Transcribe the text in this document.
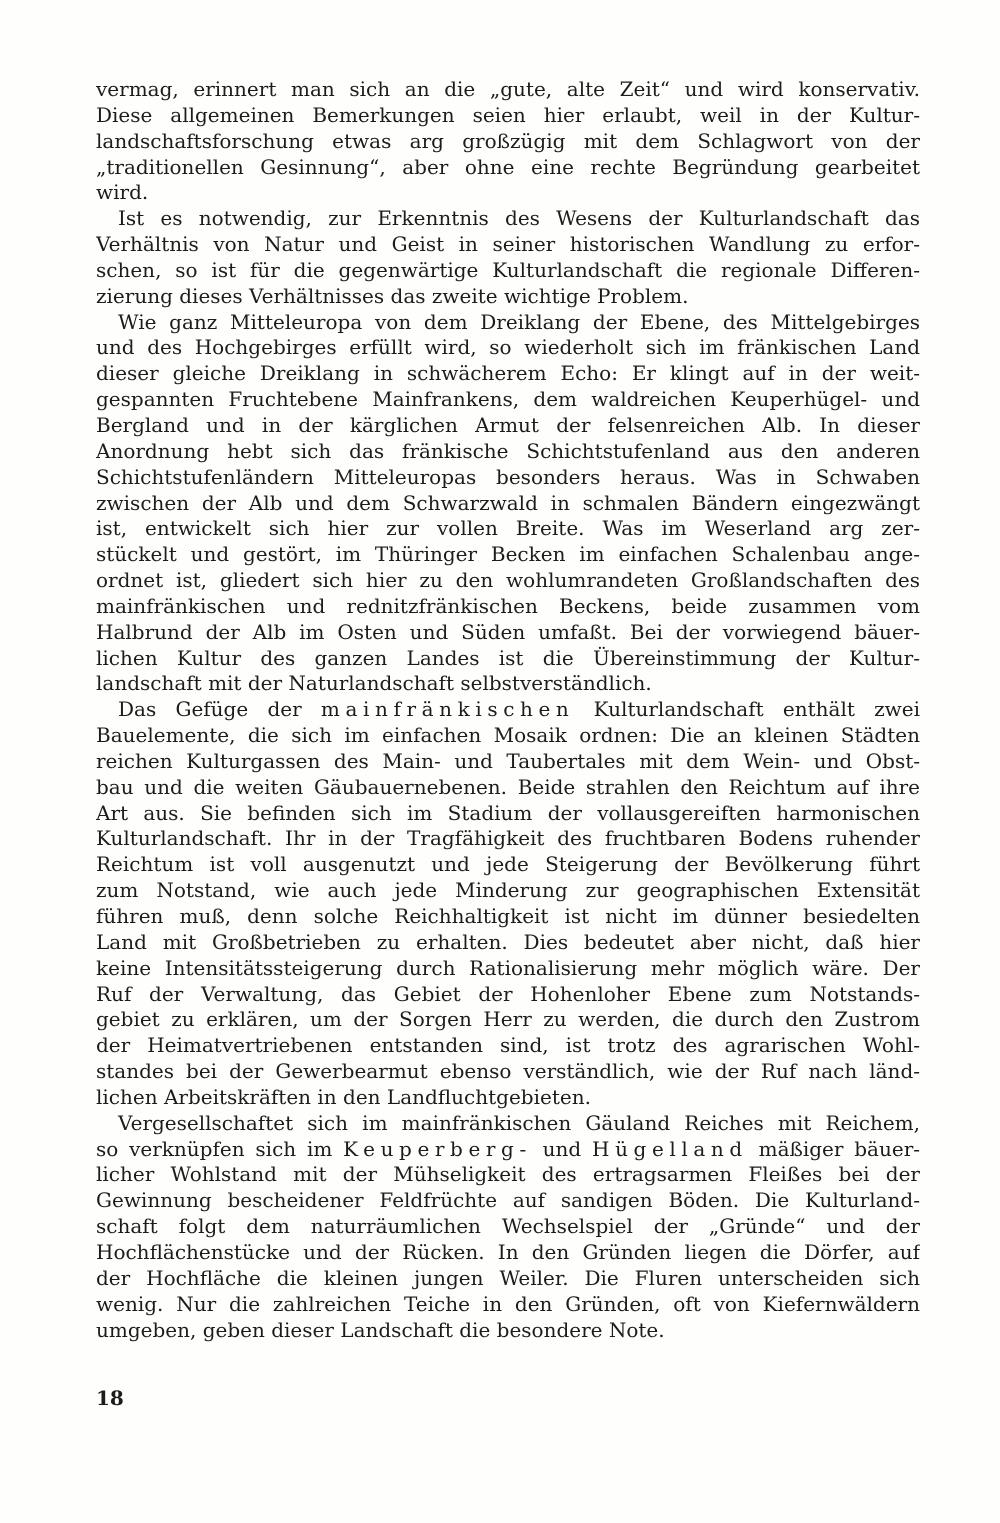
vermag, erinnert man sich an die „gute, alte Zeit“ und wird konservativ.
Diese allgemeinen Bemerkungen seien hier erlaubt, weil in der Kultur-
landschaftsforschung etwas arg großzügig mit dem Schlagwort von der
„traditionellen Gesinnung“, aber ohne eine rechte Begründung gearbeitet
wird.
Ist es notwendig, zur Erkenntnis des Wesens der Kulturlandschaft das
Verhältnis von Natur und Geist in seiner historischen Wandlung zu erfor-
schen, so ist für die gegenwärtige Kulturlandschaft die regionale Differen-
zierung dieses Verhältnisses das zweite wichtige Problem.
Wie ganz Mitteleuropa von dem Dreiklang der Ebene, des Mittelgebirges
und des Hochgebirges erfüllt wird, so wiederholt sich im fränkischen Land
dieser gleiche Dreiklang in schwächerem Echo: Er klingt auf in der weit-
gespannten Fruchtebene Mainfrankens, dem waldreichen Keuperhügel- und
Bergland und in der kärglichen Armut der felsenreichen Alb. In dieser
Anordnung hebt sich das fränkische Schichtstufenland aus den anderen
Schichtstufenländern Mitteleuropas besonders heraus. Was in Schwaben
zwischen der Alb und dem Schwarzwald in schmalen Bändern eingezwängt
ist, entwickelt sich hier zur vollen Breite. Was im Weserland arg zer-
stückelt und gestört, im Thüringer Becken im einfachen Schalenbau ange-
ordnet ist, gliedert sich hier zu den wohlumrandeten Großlandschaften des
mainfränkischen und rednitzfränkischen Beckens, beide zusammen vom
Halbrund der Alb im Osten und Süden umfaßt. Bei der vorwiegend bäuer-
lichen Kultur des ganzen Landes ist die Übereinstimmung der Kultur-
landschaft mit der Naturlandschaft selbstverständlich.
Das Gefüge der mainfränkischen Kulturlandschaft enthält zwei
Bauelemente, die sich im einfachen Mosaik ordnen: Die an kleinen Städten
reichen Kulturgassen des Main- und Taubertales mit dem Wein- und Obst-
bau und die weiten Gäubauernebenen. Beide strahlen den Reichtum auf ihre
Art aus. Sie befinden sich im Stadium der vollausgereiften harmonischen
Kulturlandschaft. Ihr in der Tragfähigkeit des fruchtbaren Bodens ruhender
Reichtum ist voll ausgenutzt und jede Steigerung der Bevölkerung führt
zum Notstand, wie auch jede Minderung zur geographischen Extensität
führen muß, denn solche Reichhaltigkeit ist nicht im dünner besiedelten
Land mit Großbetrieben zu erhalten. Dies bedeutet aber nicht, daß hier
keine Intensitätssteigerung durch Rationalisierung mehr möglich wäre. Der
Ruf der Verwaltung, das Gebiet der Hohenloher Ebene zum Notstands-
gebiet zu erklären, um der Sorgen Herr zu werden, die durch den Zustrom
der Heimatvertriebenen entstanden sind, ist trotz des agrarischen Wohl-
standes bei der Gewerbearmut ebenso verständlich, wie der Ruf nach länd-
lichen Arbeitskräften in den Landfluchtgebieten.
Vergesellschaftet sich im mainfränkischen Gäuland Reiches mit Reichem,
so verknüpfen sich im Keuperberg- und Hügelland mäßiger bäuer-
licher Wohlstand mit der Mühseligkeit des ertragsarmen Fleißes bei der
Gewinnung bescheidener Feldfrüchte auf sandigen Böden. Die Kulturland-
schaft folgt dem naturräumlichen Wechselspiel der „Gründe“ und der
Hochflächenstücke und der Rücken. In den Gründen liegen die Dörfer, auf
der Hochfläche die kleinen jungen Weiler. Die Fluren unterscheiden sich
wenig. Nur die zahlreichen Teiche in den Gründen, oft von Kiefernwäldern
umgeben, geben dieser Landschaft die besondere Note.
18
